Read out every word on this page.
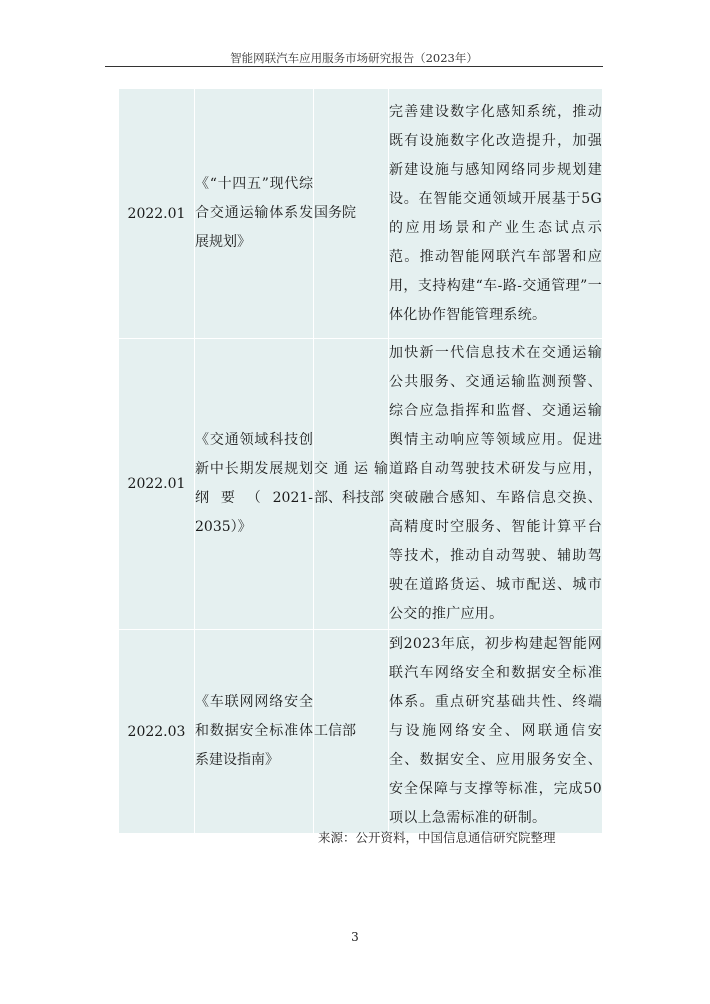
智能网联汽车应用服务市场研究报告（2023年）
2022.01	《“十四五”现代综合交通运输体系发展规划》	国务院	完善建设数字化感知系统，推动既有设施数字化改造提升，加强新建设施与感知网络同步规划建设。在智能交通领域开展基于5G的应用场景和产业生态试点示范。推动智能网联汽车部署和应用，支持构建“车-路-交通管理”一体化协作智能管理系统。
2022.01	《交通领域科技创新中长期发展规划纲要（2021-2035）》	交通运输部、科技部	加快新一代信息技术在交通运输公共服务、交通运输监测预警、综合应急指挥和监督、交通运输舆情主动响应等领域应用。促进道路自动驾驶技术研发与应用，突破融合感知、车路信息交换、高精度时空服务、智能计算平台等技术，推动自动驾驶、辅助驾驶在道路货运、城市配送、城市公交的推广应用。
2022.03	《车联网网络安全和数据安全标准体系建设指南》	工信部	到2023年底，初步构建起智能网联汽车网络安全和数据安全标准体系。重点研究基础共性、终端与设施网络安全、网联通信安全、数据安全、应用服务安全、安全保障与支撑等标准，完成50项以上急需标准的研制。
来源：公开资料，中国信息通信研究院整理
3
